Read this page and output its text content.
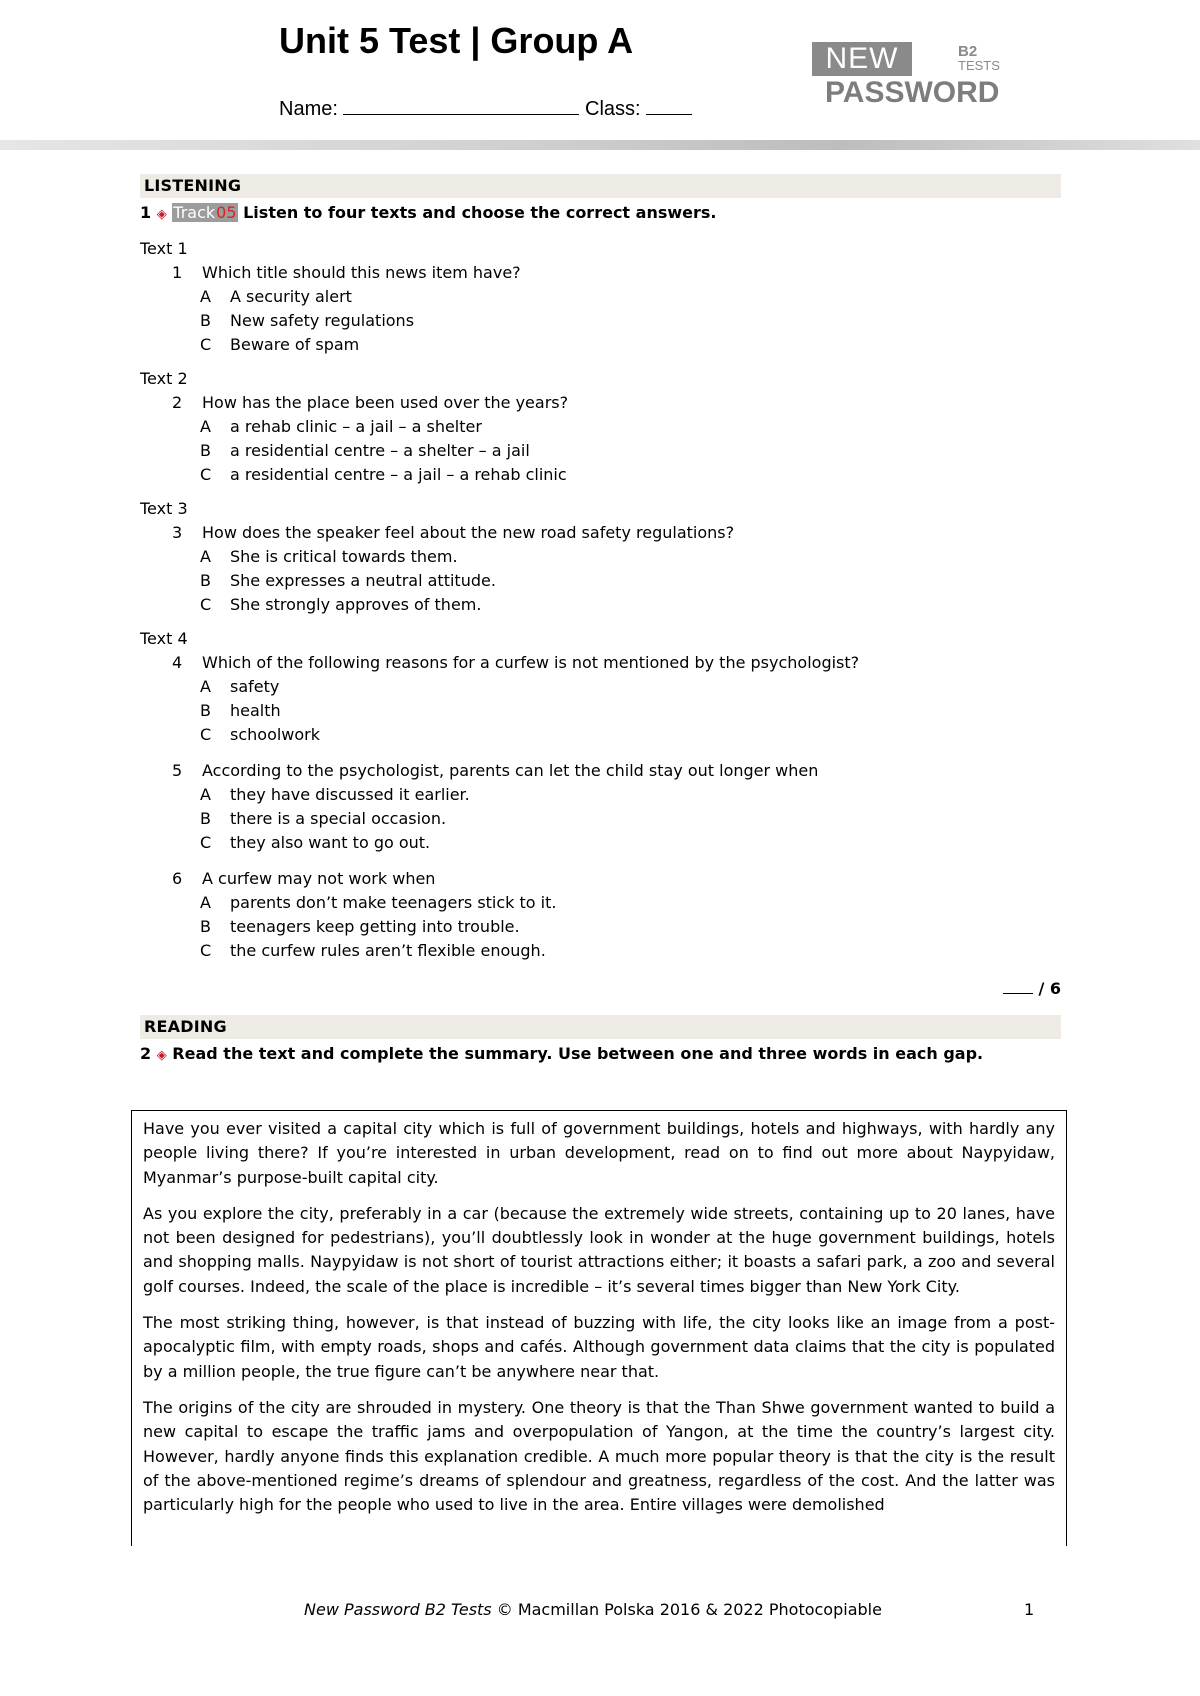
Unit 5 Test | Group A
Name:	Class:
NEW	B2
TESTS
PASSWORD
LISTENING
1 ◈ Track05 Listen to four texts and choose the correct answers.
Text 1
1 Which title should this news item have?
A A security alert
B New safety regulations
C Beware of spam
Text 2
2 How has the place been used over the years?
A a rehab clinic – a jail – a shelter
B a residential centre – a shelter – a jail
C a residential centre – a jail – a rehab clinic
Text 3
3 How does the speaker feel about the new road safety regulations?
A She is critical towards them.
B She expresses a neutral attitude.
C She strongly approves of them.
Text 4
4 Which of the following reasons for a curfew is not mentioned by the psychologist?
A safety
B health
C schoolwork
5 According to the psychologist, parents can let the child stay out longer when
A they have discussed it earlier.
B there is a special occasion.
C they also want to go out.
6 A curfew may not work when
A parents don’t make teenagers stick to it.
B teenagers keep getting into trouble.
C the curfew rules aren’t flexible enough.
/ 6
READING
2 ◈ Read the text and complete the summary. Use between one and three words in each gap.

Have you ever visited a capital city which is full of government buildings, hotels and highways, with hardly any people living there? If you’re interested in urban development, read on to find out more about Naypyidaw, Myanmar’s purpose-built capital city.

As you explore the city, preferably in a car (because the extremely wide streets, containing up to 20 lanes, have not been designed for pedestrians), you’ll doubtlessly look in wonder at the huge government buildings, hotels and shopping malls. Naypyidaw is not short of tourist attractions either; it boasts a safari park, a zoo and several golf courses. Indeed, the scale of the place is incredible – it’s several times bigger than New York City.

The most striking thing, however, is that instead of buzzing with life, the city looks like an image from a post-apocalyptic film, with empty roads, shops and cafés. Although government data claims that the city is populated by a million people, the true figure can’t be anywhere near that.

The origins of the city are shrouded in mystery. One theory is that the Than Shwe government wanted to build a new capital to escape the traffic jams and overpopulation of Yangon, at the time the country’s largest city. However, hardly anyone finds this explanation credible. A much more popular theory is that the city is the result of the above-mentioned regime’s dreams of splendour and greatness, regardless of the cost. And the latter was particularly high for the people who used to live in the area. Entire villages were demolished

New Password B2 Tests © Macmillan Polska 2016 & 2022 Photocopiable	1
